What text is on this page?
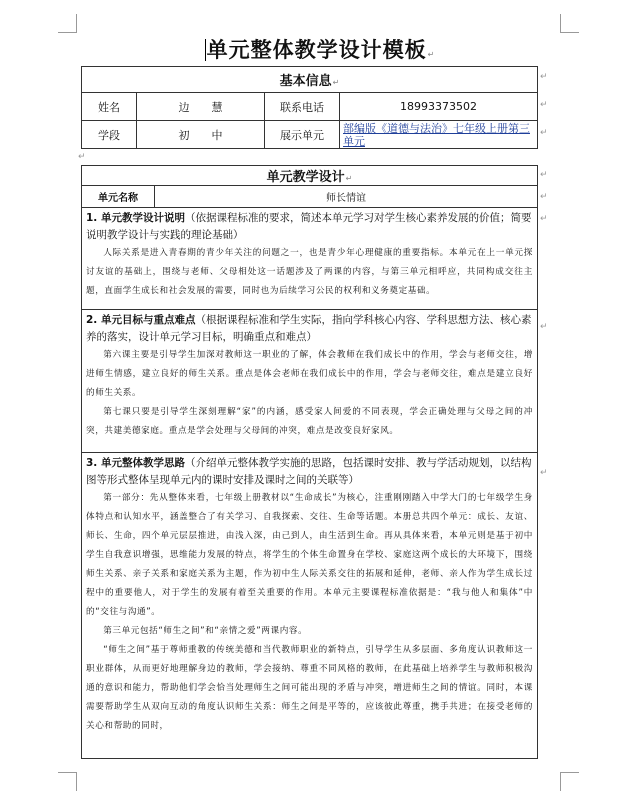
单元整体教学设计模板↵
基本信息↵			
姓名	边　　慧	联系电话	18993373502
学段	初　　中	展示单元	部编版《道德与法治》七年级上册第三单元
↵
↵
↵
↵
↵
↵
↵
↵
↵
单元教学设计↵
单元名称	师长情谊

1. 单元教学设计说明（依据课程标准的要求，简述本单元学习对学生核心素养发展的价值；简要说明教学设计与实践的理论基础）

人际关系是进入青春期的青少年关注的问题之一，也是青少年心理健康的重要指标。本单元在上一单元探讨友谊的基础上，围绕与老师、父母相处这一话题涉及了两课的内容，与第三单元相呼应，共同构成交往主题，直面学生成长和社会发展的需要，同时也为后续学习公民的权利和义务奠定基础。

2. 单元目标与重点难点（根据课程标准和学生实际，指向学科核心内容、学科思想方法、核心素养的落实，设计单元学习目标，明确重点和难点）

第六课主要是引导学生加深对教师这一职业的了解，体会教师在我们成长中的作用，学会与老师交往，增进师生情感，建立良好的师生关系。重点是体会老师在我们成长中的作用，学会与老师交往，难点是建立良好的师生关系。

第七课只要是引导学生深刻理解“家”的内涵，感受家人间爱的不同表现，学会正确处理与父母之间的冲突，共建美德家庭。重点是学会处理与父母间的冲突，难点是改变良好家风。

3. 单元整体教学思路（介绍单元整体教学实施的思路，包括课时安排、教与学活动规划，以结构图等形式整体呈现单元内的课时安排及课时之间的关联等）

第一部分：先从整体来看，七年级上册教材以“生命成长”为核心，注重刚刚踏入中学大门的七年级学生身体特点和认知水平，涵盖整合了有关学习、自我探索、交往、生命等话题。本册总共四个单元：成长、友谊、师长、生命，四个单元层层推进，由浅入深，由己到人，由生活到生命。再从具体来看，本单元则是基于初中学生自我意识增强，思维能力发展的特点，将学生的个体生命置身在学校、家庭这两个成长的大环境下，围绕师生关系、亲子关系和家庭关系为主题，作为初中生人际关系交往的拓展和延伸，老师、亲人作为学生成长过程中的重要他人，对于学生的发展有着至关重要的作用。本单元主要课程标准依据是：“我与他人和集体”中的“交往与沟通”。

第三单元包括“师生之间”和“亲情之爱”两课内容。

“师生之间”基于尊师重教的传统美德和当代教师职业的新特点，引导学生从多层面、多角度认识教师这一职业群体，从而更好地理解身边的教师，学会接纳、尊重不同风格的教师，在此基础上培养学生与教师积极沟通的意识和能力，帮助他们学会恰当处理师生之间可能出现的矛盾与冲突，增进师生之间的情谊。同时，本课需要帮助学生从双向互动的角度认识师生关系：师生之间是平等的，应该彼此尊重，携手共进；在接受老师的关心和帮助的同时，
